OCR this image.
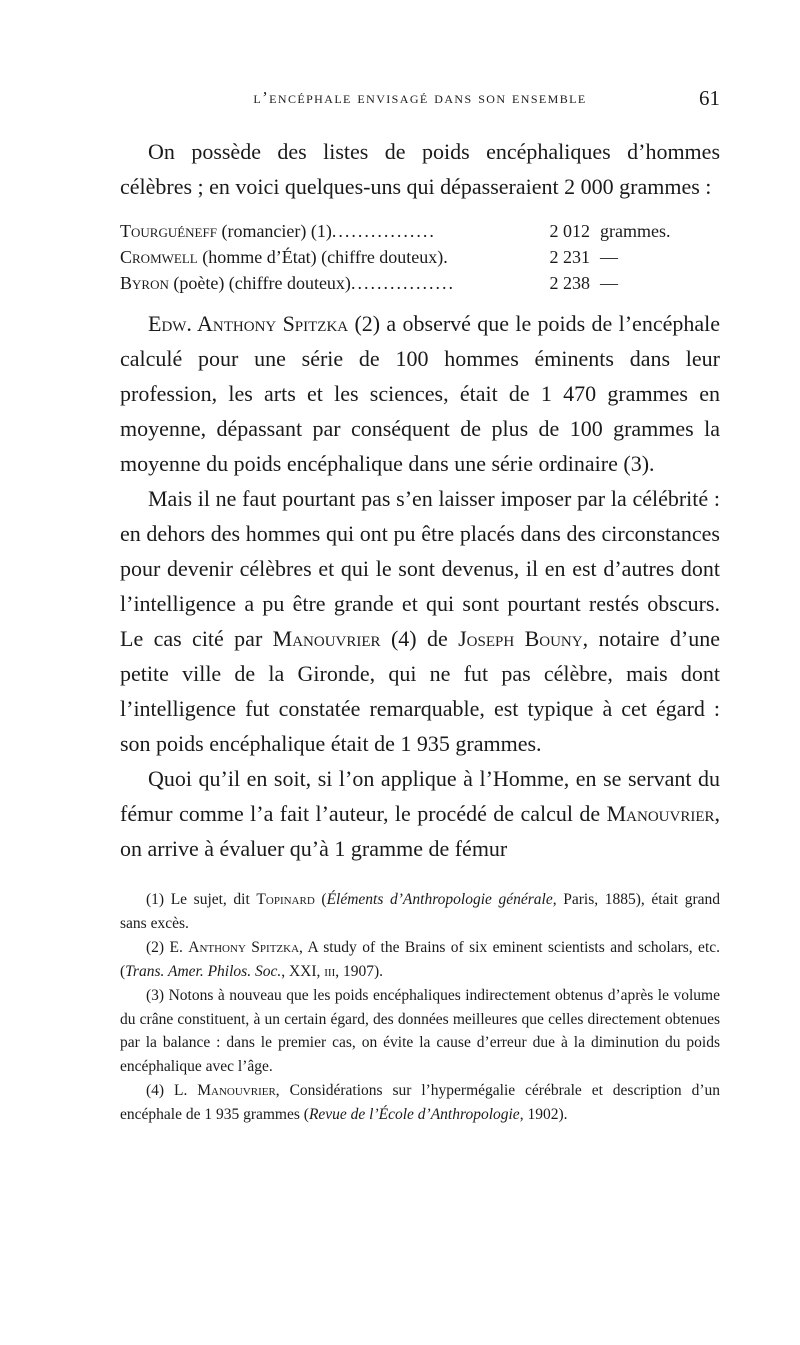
l’encéphale envisagé dans son ensemble	61

On possède des listes de poids encéphaliques d’hommes célèbres ; en voici quelques-uns qui dépasseraient 2 000 grammes :

Tourguéneff (romancier) (1)................	2 012 grammes.
Cromwell (homme d’État) (chiffre douteux).	2 231 —
Byron (poète) (chiffre douteux)................	2 238 —

Edw. Anthony Spitzka (2) a observé que le poids de l’encéphale calculé pour une série de 100 hommes éminents dans leur profession, les arts et les sciences, était de 1 470 grammes en moyenne, dépassant par conséquent de plus de 100 grammes la moyenne du poids encéphalique dans une série ordinaire (3).

Mais il ne faut pourtant pas s’en laisser imposer par la célébrité : en dehors des hommes qui ont pu être placés dans des circonstances pour devenir célèbres et qui le sont devenus, il en est d’autres dont l’intelligence a pu être grande et qui sont pourtant restés obscurs. Le cas cité par Manouvrier (4) de Joseph Bouny, notaire d’une petite ville de la Gironde, qui ne fut pas célèbre, mais dont l’intelligence fut constatée remarquable, est typique à cet égard : son poids encéphalique était de 1 935 grammes.

Quoi qu’il en soit, si l’on applique à l’Homme, en se servant du fémur comme l’a fait l’auteur, le procédé de calcul de Manouvrier, on arrive à évaluer qu’à 1 gramme de fémur

(1) Le sujet, dit Topinard (Éléments d’Anthropologie générale, Paris, 1885), était grand sans excès.

(2) E. Anthony Spitzka, A study of the Brains of six eminent scientists and scholars, etc. (Trans. Amer. Philos. Soc., XXI, iii, 1907).

(3) Notons à nouveau que les poids encéphaliques indirectement obtenus d’après le volume du crâne constituent, à un certain égard, des données meilleures que celles directement obtenues par la balance : dans le premier cas, on évite la cause d’erreur due à la diminution du poids encéphalique avec l’âge.

(4) L. Manouvrier, Considérations sur l’hypermégalie cérébrale et description d’un encéphale de 1 935 grammes (Revue de l’École d’Anthropologie, 1902).
